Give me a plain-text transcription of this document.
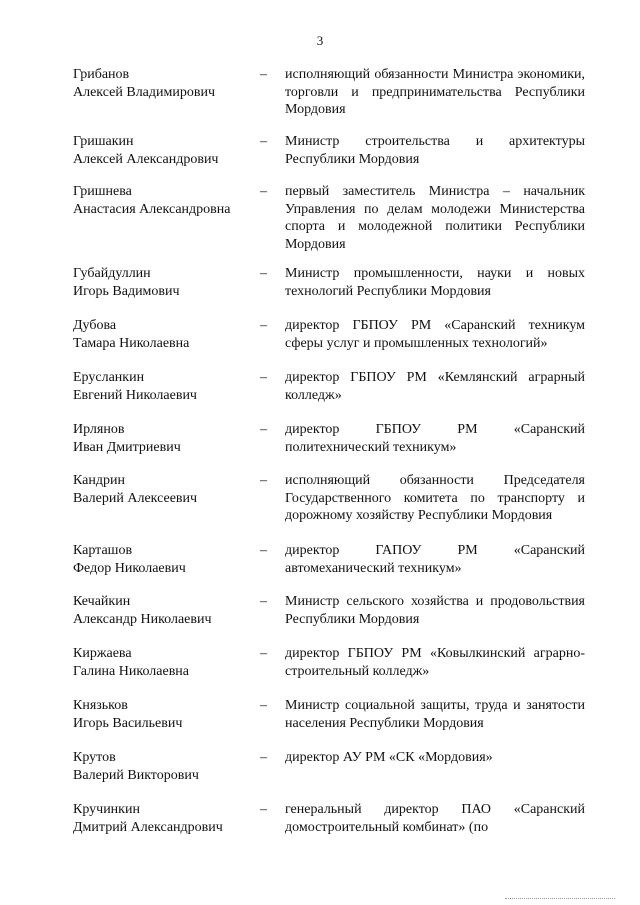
3
Грибанов
Алексей Владимирович
– исполняющий обязанности Министра экономики, торговли и предпринимательства Республики Мордовия
Гришакин
Алексей Александрович
– Министр строительства и архитектуры Республики Мордовия
Гришнева
Анастасия Александровна
– первый заместитель Министра – начальник Управления по делам молодежи Министерства спорта и молодежной политики Республики Мордовия
Губайдуллин
Игорь Вадимович
– Министр промышленности, науки и новых технологий Республики Мордовия
Дубова
Тамара Николаевна
– директор ГБПОУ РМ «Саранский техникум сферы услуг и промышленных технологий»
Ерусланкин
Евгений Николаевич
– директор ГБПОУ РМ «Кемлянский аграрный колледж»
Ирлянов
Иван Дмитриевич
– директор ГБПОУ РМ «Саранский политехнический техникум»
Кандрин
Валерий Алексеевич
– исполняющий обязанности Председателя Государственного комитета по транспорту и дорожному хозяйству Республики Мордовия
Карташов
Федор Николаевич
– директор ГАПОУ РМ «Саранский автомеханический техникум»
Кечайкин
Александр Николаевич
– Министр сельского хозяйства и продовольствия Республики Мордовия
Киржаева
Галина Николаевна
– директор ГБПОУ РМ «Ковылкинский аграрно-строительный колледж»
Князьков
Игорь Васильевич
– Министр социальной защиты, труда и занятости населения Республики Мордовия
Крутов
Валерий Викторович
– директор АУ РМ «СК «Мордовия»
Кручинкин
Дмитрий Александрович
– генеральный директор ПАО «Саранский домостроительный комбинат» (по
